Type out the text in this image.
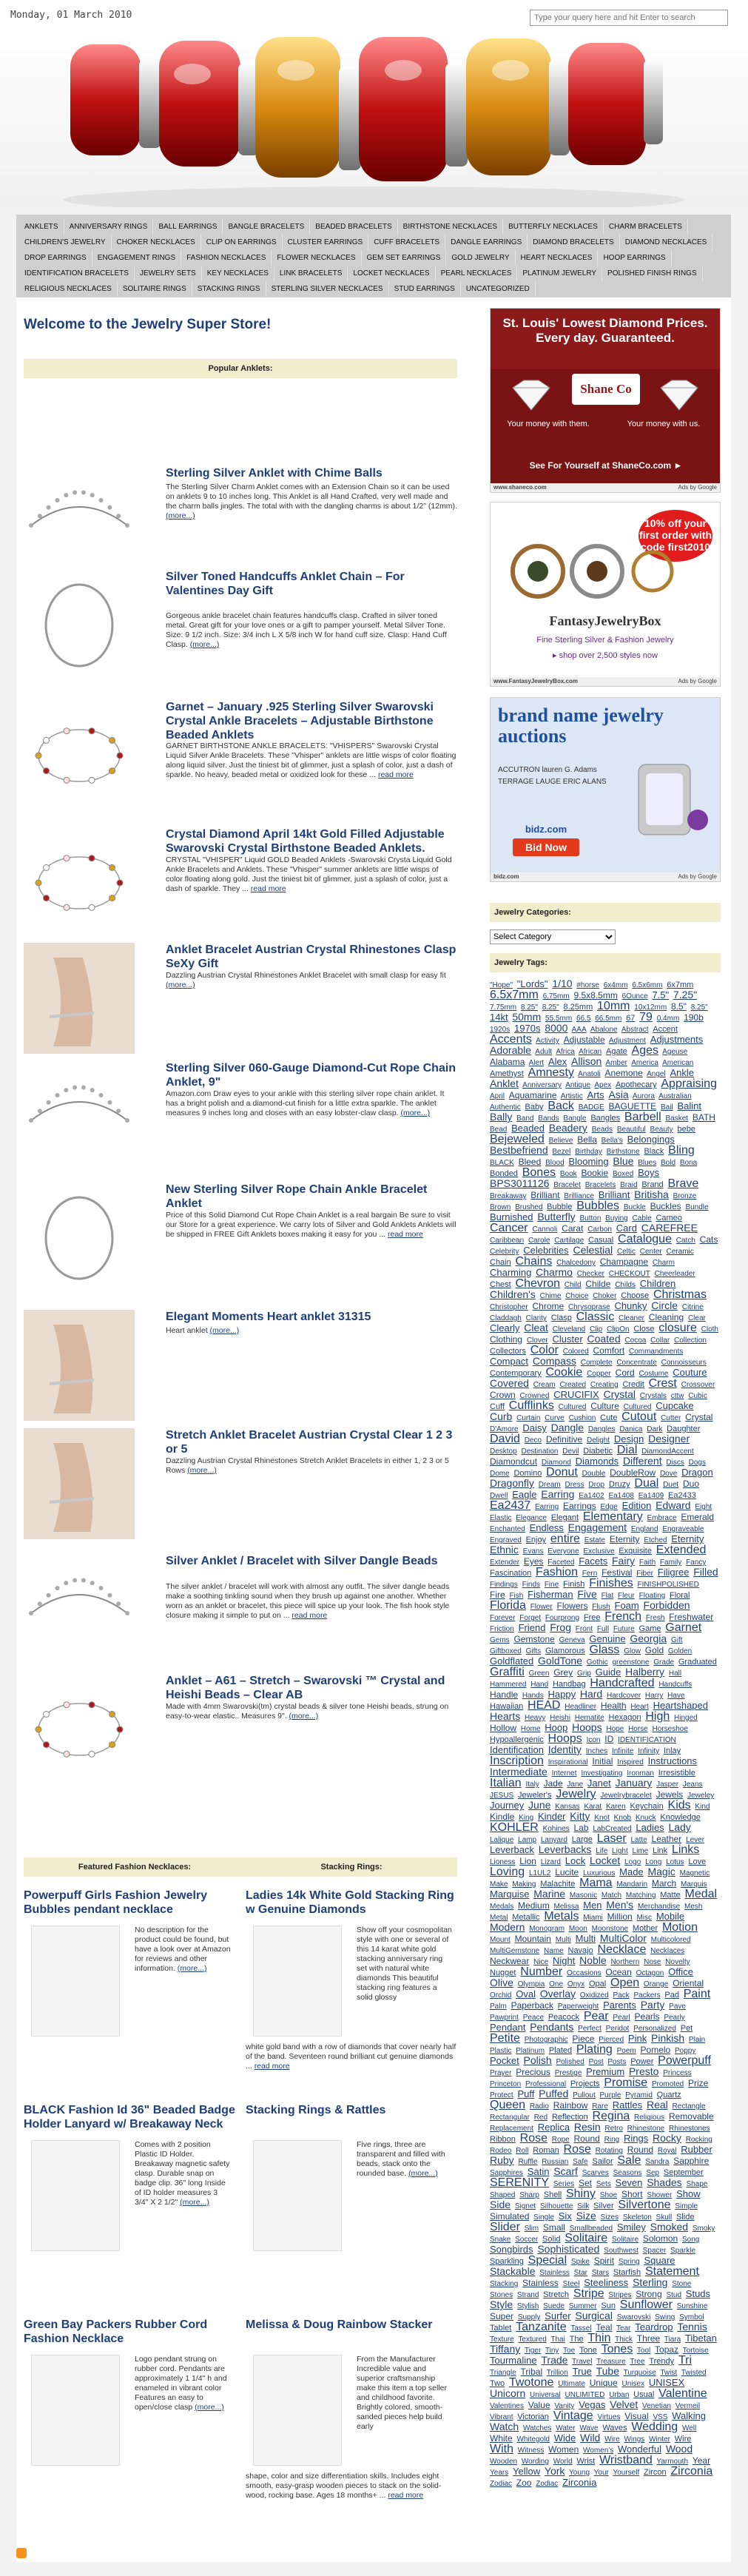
Monday, 01 March 2010
Type your query here and hit Enter to search
ANKLETS ANNIVERSARY RINGS BALL EARRINGS BANGLE BRACELETS BEADED BRACELETS BIRTHSTONE NECKLACES BUTTERFLY NECKLACES CHARM BRACELETSCHILDREN'S JEWELRY CHOKER NECKLACES CLIP ON EARRINGS CLUSTER EARRINGS CUFF BRACELETS DANGLE EARRINGS DIAMOND BRACELETS DIAMOND NECKLACESDROP EARRINGS ENGAGEMENT RINGS FASHION NECKLACES FLOWER NECKLACES GEM SET EARRINGS GOLD JEWELRY HEART NECKLACES HOOP EARRINGSIDENTIFICATION BRACELETS JEWELRY SETS KEY NECKLACES LINK BRACELETS LOCKET NECKLACES PEARL NECKLACES PLATINUM JEWELRY POLISHED FINISH RINGSRELIGIOUS NECKLACES SOLITAIRE RINGS STACKING RINGS STERLING SILVER NECKLACES STUD EARRINGS UNCATEGORIZED
Welcome to the Jewelry Super Store!
Popular Anklets:
Sterling Silver Anklet with Chime Balls

The Sterling Silver Charm Anklet comes with an Extension Chain so it can be used on anklets 9 to 10 inches long. This Anklet is all Hand Crafted, very well made and the charm balls jingles. The total with with the dangling charms is about 1/2" (12mm). (more...)

Silver Toned Handcuffs Anklet Chain – For Valentines Day Gift

Gorgeous ankle bracelet chain features handcuffs clasp. Crafted in silver toned metal. Great gift for your love ones or a gift to pamper yourself. Metal Silver Tone. Size: 9 1/2 inch. Size: 3/4 inch L X 5/8 inch W for hand cuff size. Clasp: Hand Cuff Clasp. (more...)

Garnet – January .925 Sterling Silver Swarovski Crystal Ankle Bracelets – Adjustable Birthstone Beaded Anklets

GARNET BIRTHSTONE ANKLE BRACELETS: "VHISPERS" Swarovski Crystal Liquid Silver Ankle Bracelets. These "Vhisper" anklets are little wisps of color floating along liquid silver. Just the tiniest bit of glimmer, just a splash of color, just a dash of sparkle. No heavy, beaded metal or oxidized look for these ... read more

Crystal Diamond April 14kt Gold Filled Adjustable Swarovski Crystal Birthstone Beaded Anklets.

CRYSTAL "VHISPER" Liquid GOLD Beaded Anklets -Swarovski Crysta Liquid Gold Ankle Bracelets and Anklets. These "Vhisper" summer anklets are little wisps of color floating along gold. Just the tiniest bit of glimmer, just a splash of color, just a dash of sparkle. They ... read more

Anklet Bracelet Austrian Crystal Rhinestones Clasp SeXy Gift

Dazzling Austrian Crystal Rhinestones Anklet Bracelet with small clasp for easy fit (more...)

Sterling Silver 060-Gauge Diamond-Cut Rope Chain Anklet, 9"

Amazon.com Draw eyes to your ankle with this sterling silver rope chain anklet. It has a bright polish and a diamond-cut finish for a little extra sparkle. The anklet measures 9 inches long and closes with an easy lobster-claw clasp. (more...)

New Sterling Silver Rope Chain Ankle Bracelet Anklet

Price of this Solid Diamond Cut Rope Chain Anklet is a real bargain Be sure to visit our Store for a great experience. We carry lots of Silver and Gold Anklets Anklets will be shipped in FREE Gift Anklets boxes making it easy for you ... read more

Elegant Moments Heart anklet 31315

Heart anklet (more...)

Stretch Anklet Bracelet Austrian Crystal Clear 1 2 3 or 5

Dazzling Austrian Crystal Rhinestones Stretch Anklet Bracelets in either 1, 2 3 or 5 Rows (more...)

Silver Anklet / Bracelet with Silver Dangle Beads

The silver anklet / bracelet will work with almost any outfit. The silver dangle beads make a soothing tinkling sound when they brush up against one another. Whether worn as an anklet or bracelet, this piece will spice up your look. The fish hook style closure making it simple to put on ... read more

Anklet – A61 – Stretch – Swarovski ™ Crystal and Heishi Beads – Clear AB

Made with 4mm Swarovski(tm) crystal beads & silver tone Heishi beads, strung on easy-to-wear elastic.. Measures 9". (more...)

Featured Fashion Necklaces:	Stacking Rings:
Powerpuff Girls Fashion Jewelry Bubbles pendant necklace

No description for the product could be found, but have a look over at Amazon for reviews and other information. (more...)

BLACK Fashion Id 36" Beaded Badge Holder Lanyard w/ Breakaway Neck

Comes with 2 position Plastic ID Holder. Breakaway magnetic safety clasp. Durable snap on badge clip. 36" long Inside of ID holder measures 3 3/4" X 2 1/2" (more...)

Green Bay Packers Rubber Cord Fashion Necklace

Logo pendant strung on rubber cord. Pendants are approximately 1 1/4" h and enameled in vibrant color Features an easy to open/close clasp (more...)

Ladies 14k White Gold Stacking Ring w Genuine Diamonds

Show off your cosmopolitan style with one or several of this 14 karat white gold stacking anniversary ring set with natural white diamonds This beautiful stacking ring features a solid glossy

white gold band with a row of diamonds that cover nearly half of the band. Seventeen round brilliant cut genuine diamonds ... read more
Stacking Rings & Rattles

Five rings, three are transparent and filled with beads, stack onto the rounded base. (more...)

Melissa & Doug Rainbow Stacker

From the Manufacturer Incredible value and superior craftsmanship make this item a top seller and childhood favorite. Brightly colored, smooth-sanded pieces help build early

shape, color and size differentiation skills. Includes eight smooth, easy-grasp wooden pieces to stack on the solid-wood, rocking base. Ages 18 months+ ... read more
St. Louis' Lowest Diamond Prices. Every day. Guaranteed.
Shane Co
Your money with them.	Your money with us.
See For Yourself at ShaneCo.com ►
www.shaneco.com	Ads by Google
10% off your first order with code first2010
FantasyJewelryBox
Fine Sterling Silver & Fashion Jewelry
▸ shop over 2,500 styles now
www.FantasyJewelryBox.com	Ads by Google
brand name jewelry auctions
ACCUTRON lauren G. Adams TERRAGE LAUGE ERIC ALANS
Bid Now
bidz.com
bidz.com	Ads by Google
Jewelry Categories:
Select Category
Jewelry Tags:
"Hope" "Lords" 1/10 #horse 6x4mm 6.5x6mm 6x7mm 6.5x7mm 6.75mm 9.5x8.5mm 6Ounce 7.5" 7.25" 7.75mm 8.25" 8.25" 8.25mm 10mm 10x12mm 8.5" 8.25" 14kt 50mm 55.5mm 66.5 66.5mm 67 79 0.4mm 190b 1920s 1970s 8000 AAA Abalone Abstract Accent Accents Activity Adjustable Adjustment Adjustments Adorable Adult Africa African Agate Ages Ageuse Alabama Alert Alex Allison Amber America American Amethyst Amnesty Anatoli Anemone Angel Ankle Anklet Anniversary Antique Apex Apothecary Appraising April Aquamarine Artistic Arts Asia Aurora Australian Authentic Baby Back BADGE BAGUETTE Bail Balint Bally Band Bands Bangle Bangles Barbell Basket BATH Bead Beaded Beadery Beads Beautiful Beauty bebe Bejeweled Believe Bella Bella's Belongings Bestbefriend Bezel Birthday Birthstone Black Bling BLACK Bleed Blood Blooming Blue Blues Bold Bona Bonded Bones Book Bookie Boxed Boys BPS3011126 Bracelet Bracelets Braid Brand Brave Breakaway Brilliant Brilliance Brilliant Britisha Bronze Brown Brushed Bubble Bubbles Buckle Buckles Bundle Burnished Butterfly Button Buying Cable Cameo Cancer Cannoli Carat Carbon Card CAREFREE Caribbean Carole Cartilage Casual Catalogue Catch Cats Celebrity Celebrities Celestial Celtic Center Ceramic Chain Chains Chalcedony Champagne Charm Charming Charmo Checker CHECKOUT Cheerleader Chest Chevron Child Childe Childs Children Children's Chime Choice Choker Choose Christmas Christopher Chrome Chrysoprase Chunky Circle Citrine Claddagh Clarity Clasp Classic Cleaner Cleaning Clear Clearly Cleat Cleveland Clip ClipOn Close closure Cloth Clothing Clover Cluster Coated Cocoa Collar Collection Collectors Color Colored Comfort Commandments Compact Compass Complete Concentrate Connoisseurs Contemporary Cookie Copper Cord Costume Couture Covered Cream Created Creating Credit Crest Crossover Crown Crowned CRUCIFIX Crystal Crystals cttw Cubic Cuff Cufflinks Cultured Culture Cultured Cupcake Curb Curtain Curve Cushion Cute Cutout Cutter Crystal D'Amore Daisy Dangle Dangles Danica Dark Daughter David Deco Definitive Delight Design Designer Desktop Destination Devil Diabetic Dial DiamondAccent Diamondcut Diamond Diamonds Different Discs Dogs Dome Domino Donut Double DoubleRow Dove Dragon Dragonfly Dream Dress Drop Druzy Dual Duet Duo Dwell Eagle Earring Ea1402 Ea1408 Ea1409 Ea2433 Ea2437 Earring Earrings Edge Edition Edward Eight Elastic Elegance Elegant Elementary Embrace Emerald Enchanted Endless Engagement England Engraveable Engraved Enjoy entire Estate Eternity Etched Eternity Ethnic Evans Everyone Exclusive Exquisite Extended Extender Eyes Faceted Facets Fairy Faith Family Fancy Fascination Fashion Fern Festival Fiber Filigree Filled Findings Finds Fine Finish Finishes FINISHPOLISHED Fire Fish Fisherman Five Flat Fleur Floating Floral Florida Flower Flowers Flush Foam Forbidden Forever Forget Fourprong Free French Fresh Freshwater Friction Friend Frog Front Full Future Game Garnet Gems Gemstone Geneva Genuine Georgia Gift Giftboxed Gifts Glamorous Glass Glow Gold Golden Goldflated GoldTone Gothic greenstone Grade Graduated Graffiti Green Grey Grip Guide Halberry Hall Hammered Hand Handbag Handcrafted Handcuffs Handle Hands Happy Hard Hardcover Harry Have Hawaiian HEAD Headliner Health Heart Heartshaped Hearts Heavy Heishi Hematite Hexagon High Hinged Hollow Home Hoop Hoops Hope Horse Horseshoe Hypoallergenic Hoops Icon ID IDENTIFICATION Identification Identity Inches Infinite Infinity Inlay Inscription Inspirational Initial Inspired Instructions Intermediate Internet Investigating Ironman Irresistible Italian Italy Jade Jane Janet January Jasper Jeans JESUS Jeweler's Jewelry Jewelrybracelet Jewels Jeweley Journey June Kansas Karat Karen Keychain Kids Kind Kindle King Kinder Kitty Knot Knob Knuck Knowledge KOHLER Kohines Lab LabCreated Ladies Lady Lalique Lamp Lanyard Large Laser Latte Leather Lever Leverback Leverbacks Life Light Lime Link Links Lioness Lion Lizard Lock Locket Logo Long Lotus Love Loving L1UL2 Lucite Luxurious Made Magic Magnetic Make Making Malachite Mama Mandarin March Marquis Marquise Marine Masonic Match Matching Matte Medal Medals Medium Melissa Men Men's Merchandise Mesh Metal Metallic Metals Miami Million Misc Mobile Modern Monogram Moon Moonstone Mother Motion Mount Mountain Multi Multi MultiColor Multicolored MultiGemstone Name Navajo Necklace Necklaces Neckwear Nice Night Noble Northern Nose Novelty Nugget Number Occasions Ocean Octagon Office Olive Olympia One Onyx Opal Open Orange Oriental Orchid Oval Overlay Oxidized Pack Packers Pad Paint Palm Paperback Paperweight Parents Party Pave Pawprint Peace Peacock Pear Pearl Pearls Pearly Pendant Pendants Perfect Peridot Personalized Pet Petite Photographic Piece Pierced Pink Pinkish Plain Plastic Platinum Plated Plating Poem Pomelo Poppy Pocket Polish Polished Post Posts Power Powerpuff Prayer Precious Prestige Premium Presto Princess Princeton Professional Projects Promise Promoted Prize Protect Puff Puffed Pullout Purple Pyramid Quartz Queen Radio Rainbow Rare Rattles Real Rectangle Rectangular Red Reflection Regina Religious Removable Replacement Replica Resin Retro Rhinestone Rhinestones Ribbon Rose Rope Round Ring Rings Rocky Rocking Rodeo Roll Roman Rose Rotating Round Royal Rubber Ruby Ruffle Russian Safe Sailor Sale Sandra Sapphire Sapphires Satin Scarf Scarves Seasons Sep September SERENITY Series Set Sets Seven Shades Shape Shaped Sharp Shell Shiny Shoe Short Shower Show Side Signet Silhouette Silk Silver Silvertone Simple Simulated Single Six Size Sizes Skeleton Skull Slide Slider Slim Small Smallbeaded Smiley Smoked Smoky Snake Soccer Solid Solitaire Solitaire Solomon Song Songbirds Sophisticated Southwest Spacer Sparkle Sparkling Special Spike Spirit Spring Square Stackable Stainless Star Stars Starfish Statement Stacking Stainless Steel Steeliness Sterling Stone Stones Strand Stretch Stripe Stripes Strong Stud Studs Style Stylish Suede Summer Sun Sunflower Sunshine Super Supply Surfer Surgical Swarovski Swing Symbol Tablet Tanzanite Tassel Teal Tear Teardrop Tennis Texture Textured Thai The Thin Thick Three Tiara Tibetan Tiffany Tiger Tiny Toe Tone Tones Tool Topaz Tortoise Tourmaline Trade Travel Treasure Tree Trendy Tri Triangle Tribal Trillion True Tube Turquoise Twist Twisted Two Twotone Ultimate Unique Unisex UNISEX Unicorn Universal UNLIMITED Urban Usual Valentine Valentines Value Vanity Vegas Velvet Venetian Vermeil Vibrant Victorian Vintage Virtues Visual VSS Walking Watch Watches Water Wave Waves Wedding Well White Whitegold Wide Wild Wire Wings Winter Wire With Witness Women Women's Wonderful Wood Wooden Wording World Wrist Wristband Yarmouth Year Years Yellow York Young Your Yourself Zircon Zirconia Zodiac Zoo Zodiac Zirconia
